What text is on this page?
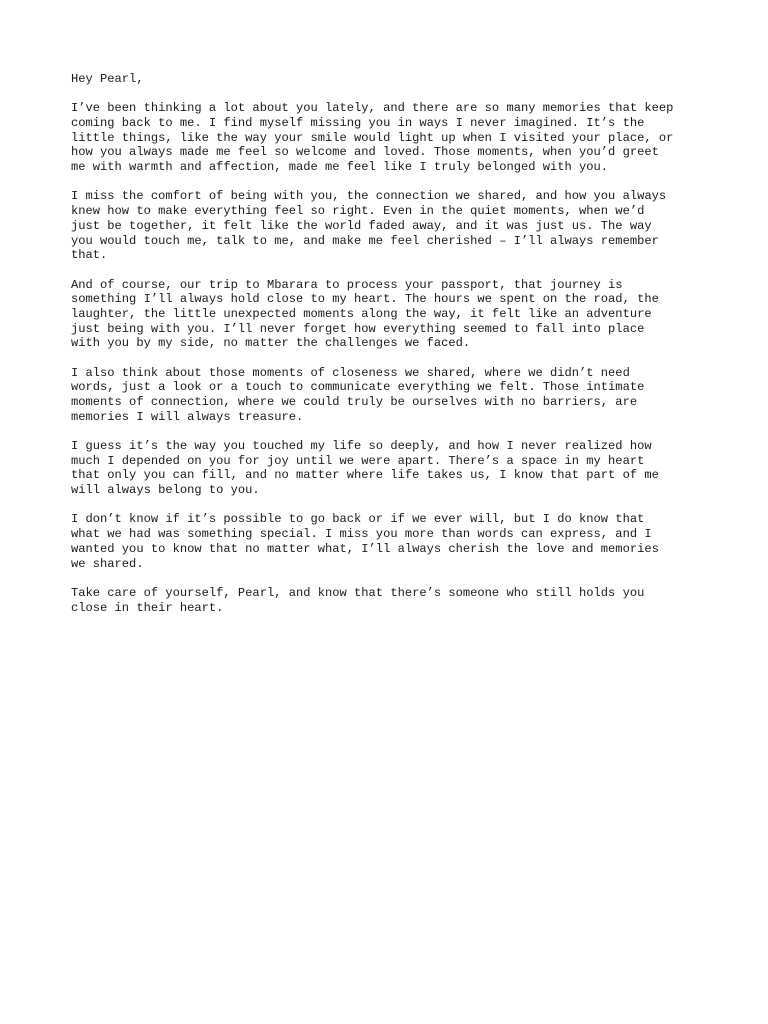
Hey Pearl,

I’ve been thinking a lot about you lately, and there are so many memories that keep
coming back to me. I find myself missing you in ways I never imagined. It’s the
little things, like the way your smile would light up when I visited your place, or
how you always made me feel so welcome and loved. Those moments, when you’d greet
me with warmth and affection, made me feel like I truly belonged with you.

I miss the comfort of being with you, the connection we shared, and how you always
knew how to make everything feel so right. Even in the quiet moments, when we’d
just be together, it felt like the world faded away, and it was just us. The way
you would touch me, talk to me, and make me feel cherished – I’ll always remember
that.

And of course, our trip to Mbarara to process your passport, that journey is
something I’ll always hold close to my heart. The hours we spent on the road, the
laughter, the little unexpected moments along the way, it felt like an adventure
just being with you. I’ll never forget how everything seemed to fall into place
with you by my side, no matter the challenges we faced.

I also think about those moments of closeness we shared, where we didn’t need
words, just a look or a touch to communicate everything we felt. Those intimate
moments of connection, where we could truly be ourselves with no barriers, are
memories I will always treasure.

I guess it’s the way you touched my life so deeply, and how I never realized how
much I depended on you for joy until we were apart. There’s a space in my heart
that only you can fill, and no matter where life takes us, I know that part of me
will always belong to you.

I don’t know if it’s possible to go back or if we ever will, but I do know that
what we had was something special. I miss you more than words can express, and I
wanted you to know that no matter what, I’ll always cherish the love and memories
we shared.

Take care of yourself, Pearl, and know that there’s someone who still holds you
close in their heart.
